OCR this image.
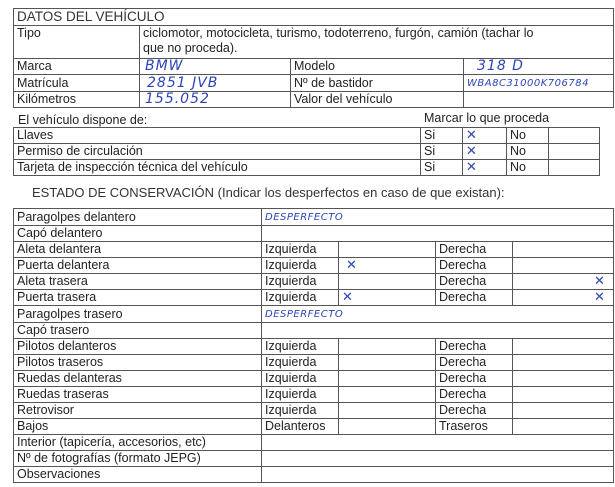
DATOS DEL VEHÍCULO			
Tipo	ciclomotor, motocicleta, turismo, todoterreno, furgón, camión (tachar lo
que no proceda).		

Marca	BMW	Modelo	318 D
Matrícula	2851 JVB	Nº de bastidor	WBA8C31000K706784
Kilómetros	155.052	Valor del vehículo	
El vehículo dispone de:	Marcar lo que proceda
Llaves	Si	✕	No	
Permiso de circulación	Si	✕	No	
Tarjeta de inspección técnica del vehículo	Si	✕	No	
ESTADO DE CONSERVACIÓN (Indicar los desperfectos en caso de que existan):
Paragolpes delantero	DESPERFECTO			
Capó delantero				
Aleta delantera	Izquierda		Derecha	
Puerta delantera	Izquierda	✕	Derecha	
Aleta trasera	Izquierda		Derecha	✕
Puerta trasera	Izquierda	✕	Derecha	✕
Paragolpes trasero	DESPERFECTO			
Capó trasero				
Pilotos delanteros	Izquierda		Derecha	
Pilotos traseros	Izquierda		Derecha	
Ruedas delanteras	Izquierda		Derecha	
Ruedas traseras	Izquierda		Derecha	
Retrovisor	Izquierda		Derecha	
Bajos	Delanteros		Traseros	
Interior (tapicería, accesorios, etc)				
Nº de fotografías (formato JEPG)				
Observaciones				
